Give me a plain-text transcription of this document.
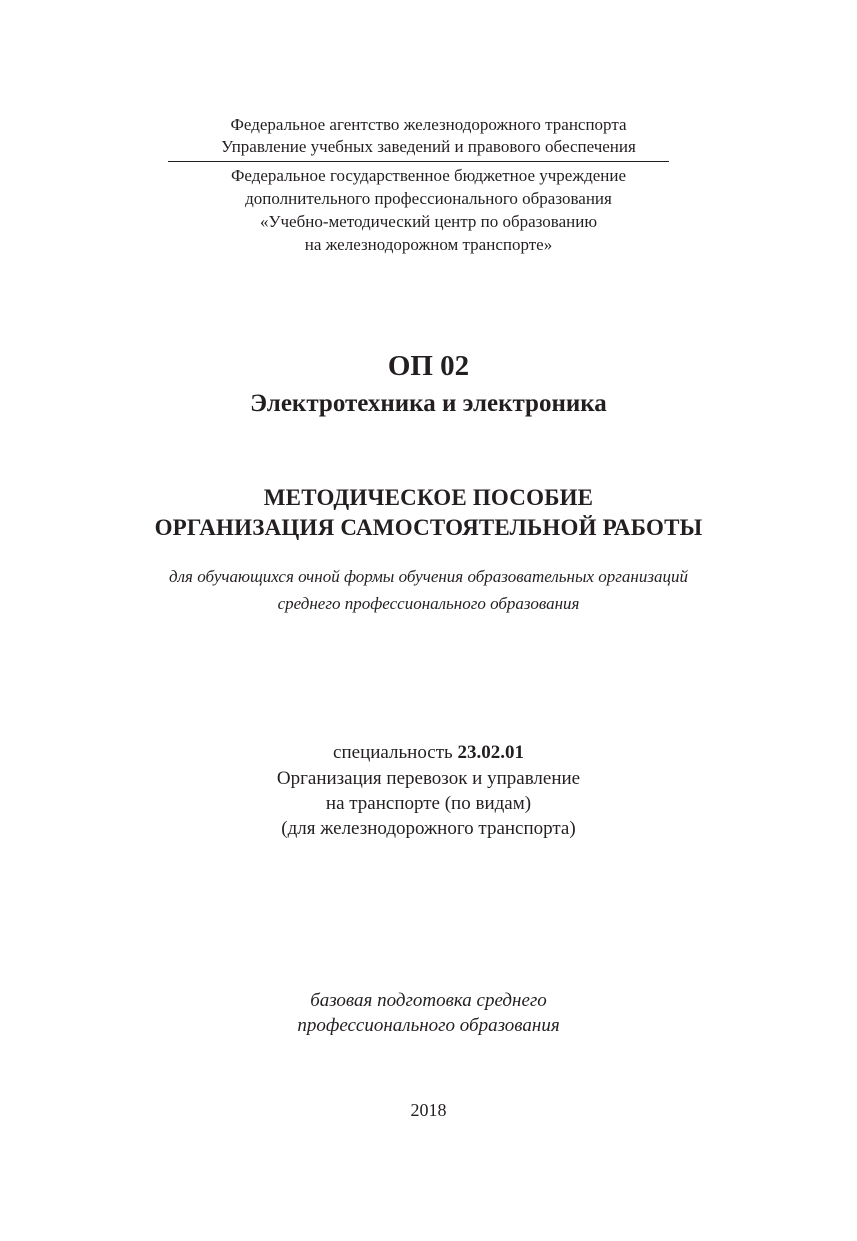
Федеральное агентство железнодорожного транспорта
Управление учебных заведений и правового обеспечения
Федеральное государственное бюджетное учреждение
дополнительного профессионального образования
«Учебно-методический центр по образованию
на железнодорожном транспорте»
ОП 02
Электротехника и электроника
МЕТОДИЧЕСКОЕ ПОСОБИЕ
ОРГАНИЗАЦИЯ САМОСТОЯТЕЛЬНОЙ РАБОТЫ
для обучающихся очной формы обучения образовательных организаций
среднего профессионального образования
специальность 23.02.01
Организация перевозок и управление
на транспорте (по видам)
(для железнодорожного транспорта)
базовая подготовка среднего
профессионального образования
2018
